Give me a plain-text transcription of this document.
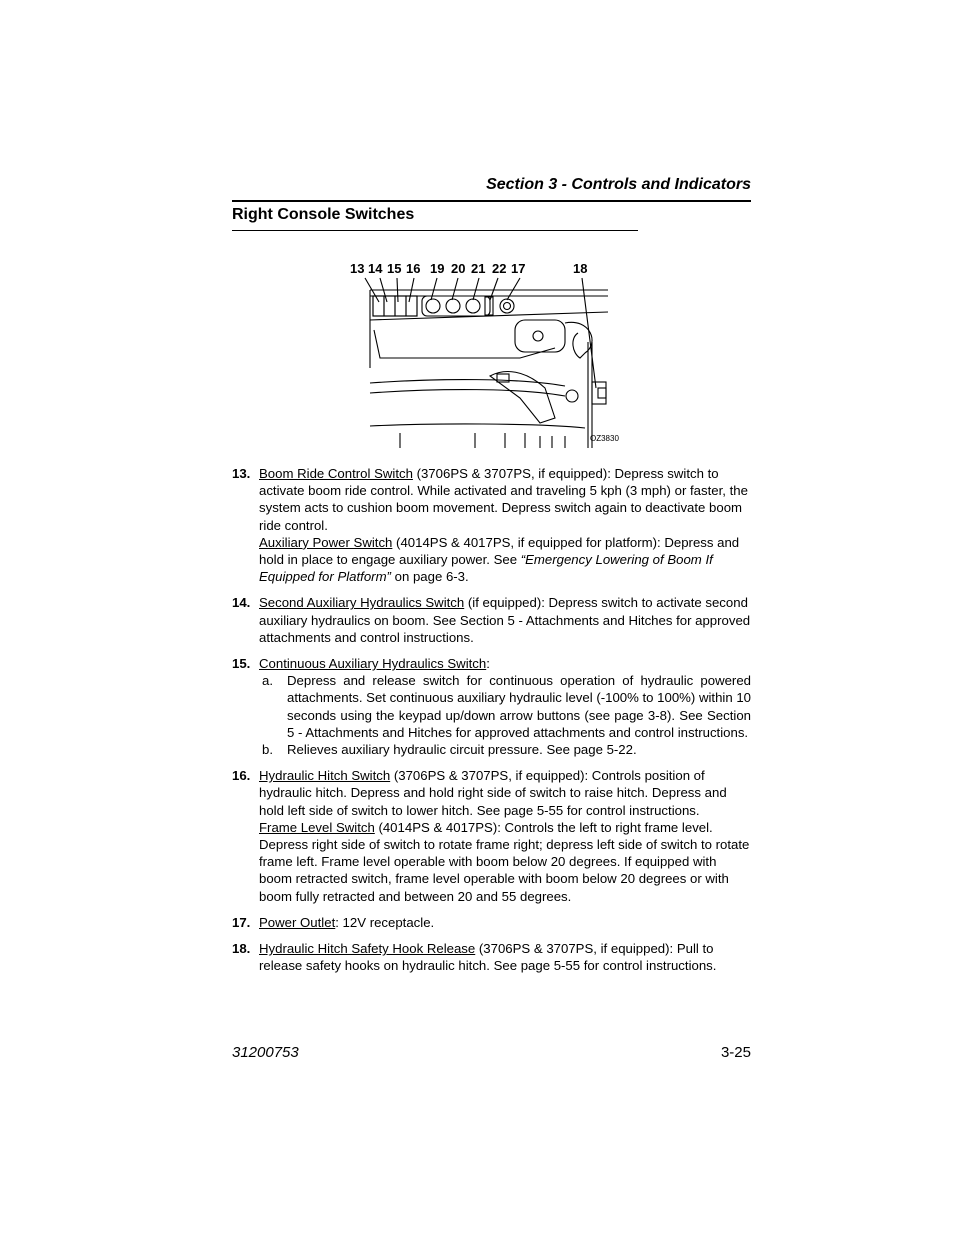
Section 3 - Controls and Indicators
Right Console Switches
13 14 15 16 19 20 21 22 17	18
OZ3830
13. Boom Ride Control Switch (3706PS & 3707PS, if equipped): Depress switch to activate boom ride control. While activated and traveling 5 kph (3 mph) or faster, the system acts to cushion boom movement. Depress switch again to deactivate boom ride control.
Auxiliary Power Switch (4014PS & 4017PS, if equipped for platform): Depress and hold in place to engage auxiliary power. See “Emergency Lowering of Boom If Equipped for Platform” on page 6-3.
14. Second Auxiliary Hydraulics Switch (if equipped): Depress switch to activate second auxiliary hydraulics on boom. See Section 5 - Attachments and Hitches for approved attachments and control instructions.
15. Continuous Auxiliary Hydraulics Switch:
a. Depress and release switch for continuous operation of hydraulic powered attachments. Set continuous auxiliary hydraulic level (-100% to 100%) within 10 seconds using the keypad up/down arrow buttons (see page 3-8). See Section 5 - Attachments and Hitches for approved attachments and control instructions.
b. Relieves auxiliary hydraulic circuit pressure. See page 5-22.
16. Hydraulic Hitch Switch (3706PS & 3707PS, if equipped): Controls position of hydraulic hitch. Depress and hold right side of switch to raise hitch. Depress and hold left side of switch to lower hitch. See page 5-55 for control instructions.
Frame Level Switch (4014PS & 4017PS): Controls the left to right frame level. Depress right side of switch to rotate frame right; depress left side of switch to rotate frame left. Frame level operable with boom below 20 degrees. If equipped with boom retracted switch, frame level operable with boom below 20 degrees or with boom fully retracted and between 20 and 55 degrees.
17. Power Outlet: 12V receptacle.
18. Hydraulic Hitch Safety Hook Release (3706PS & 3707PS, if equipped): Pull to release safety hooks on hydraulic hitch. See page 5-55 for control instructions.
31200753	3-25
